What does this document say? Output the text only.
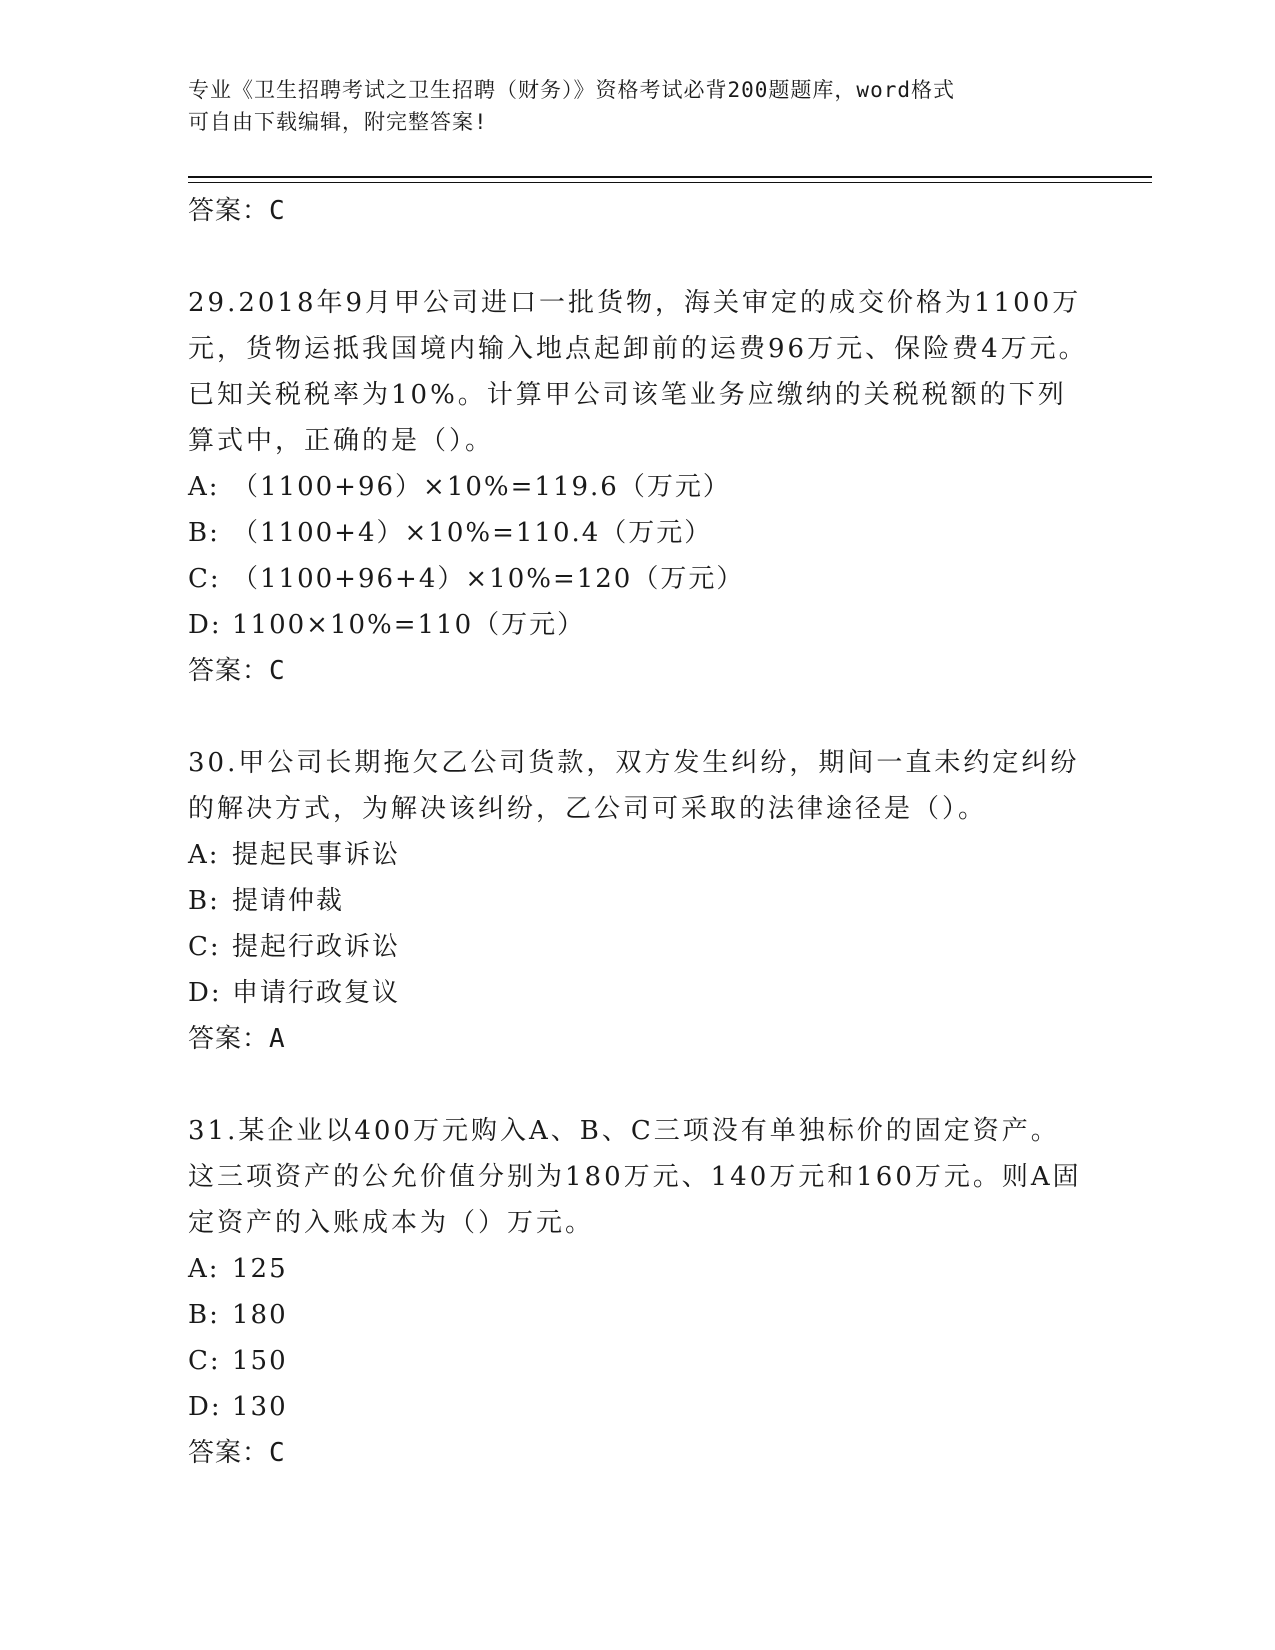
专业《卫生招聘考试之卫生招聘（财务）》资格考试必背200题题库，word格式
可自由下载编辑，附完整答案!
答案：C
29.2018年9月甲公司进口一批货物，海关审定的成交价格为1100万元，货物运抵我国境内输入地点起卸前的运费96万元、保险费4万元。已知关税税率为10%。计算甲公司该笔业务应缴纳的关税税额的下列算式中，正确的是（）。
A: （1100+96）×10%=119.6（万元）
B: （1100+4）×10%=110.4（万元）
C: （1100+96+4）×10%=120（万元）
D: 1100×10%=110（万元）
答案：C
30.甲公司长期拖欠乙公司货款，双方发生纠纷，期间一直未约定纠纷的解决方式，为解决该纠纷，乙公司可采取的法律途径是（）。
A: 提起民事诉讼
B: 提请仲裁
C: 提起行政诉讼
D: 申请行政复议
答案：A
31.某企业以400万元购入A、B、C三项没有单独标价的固定资产。这三项资产的公允价值分别为180万元、140万元和160万元。则A固定资产的入账成本为（）万元。
A: 125
B: 180
C: 150
D: 130
答案：C
